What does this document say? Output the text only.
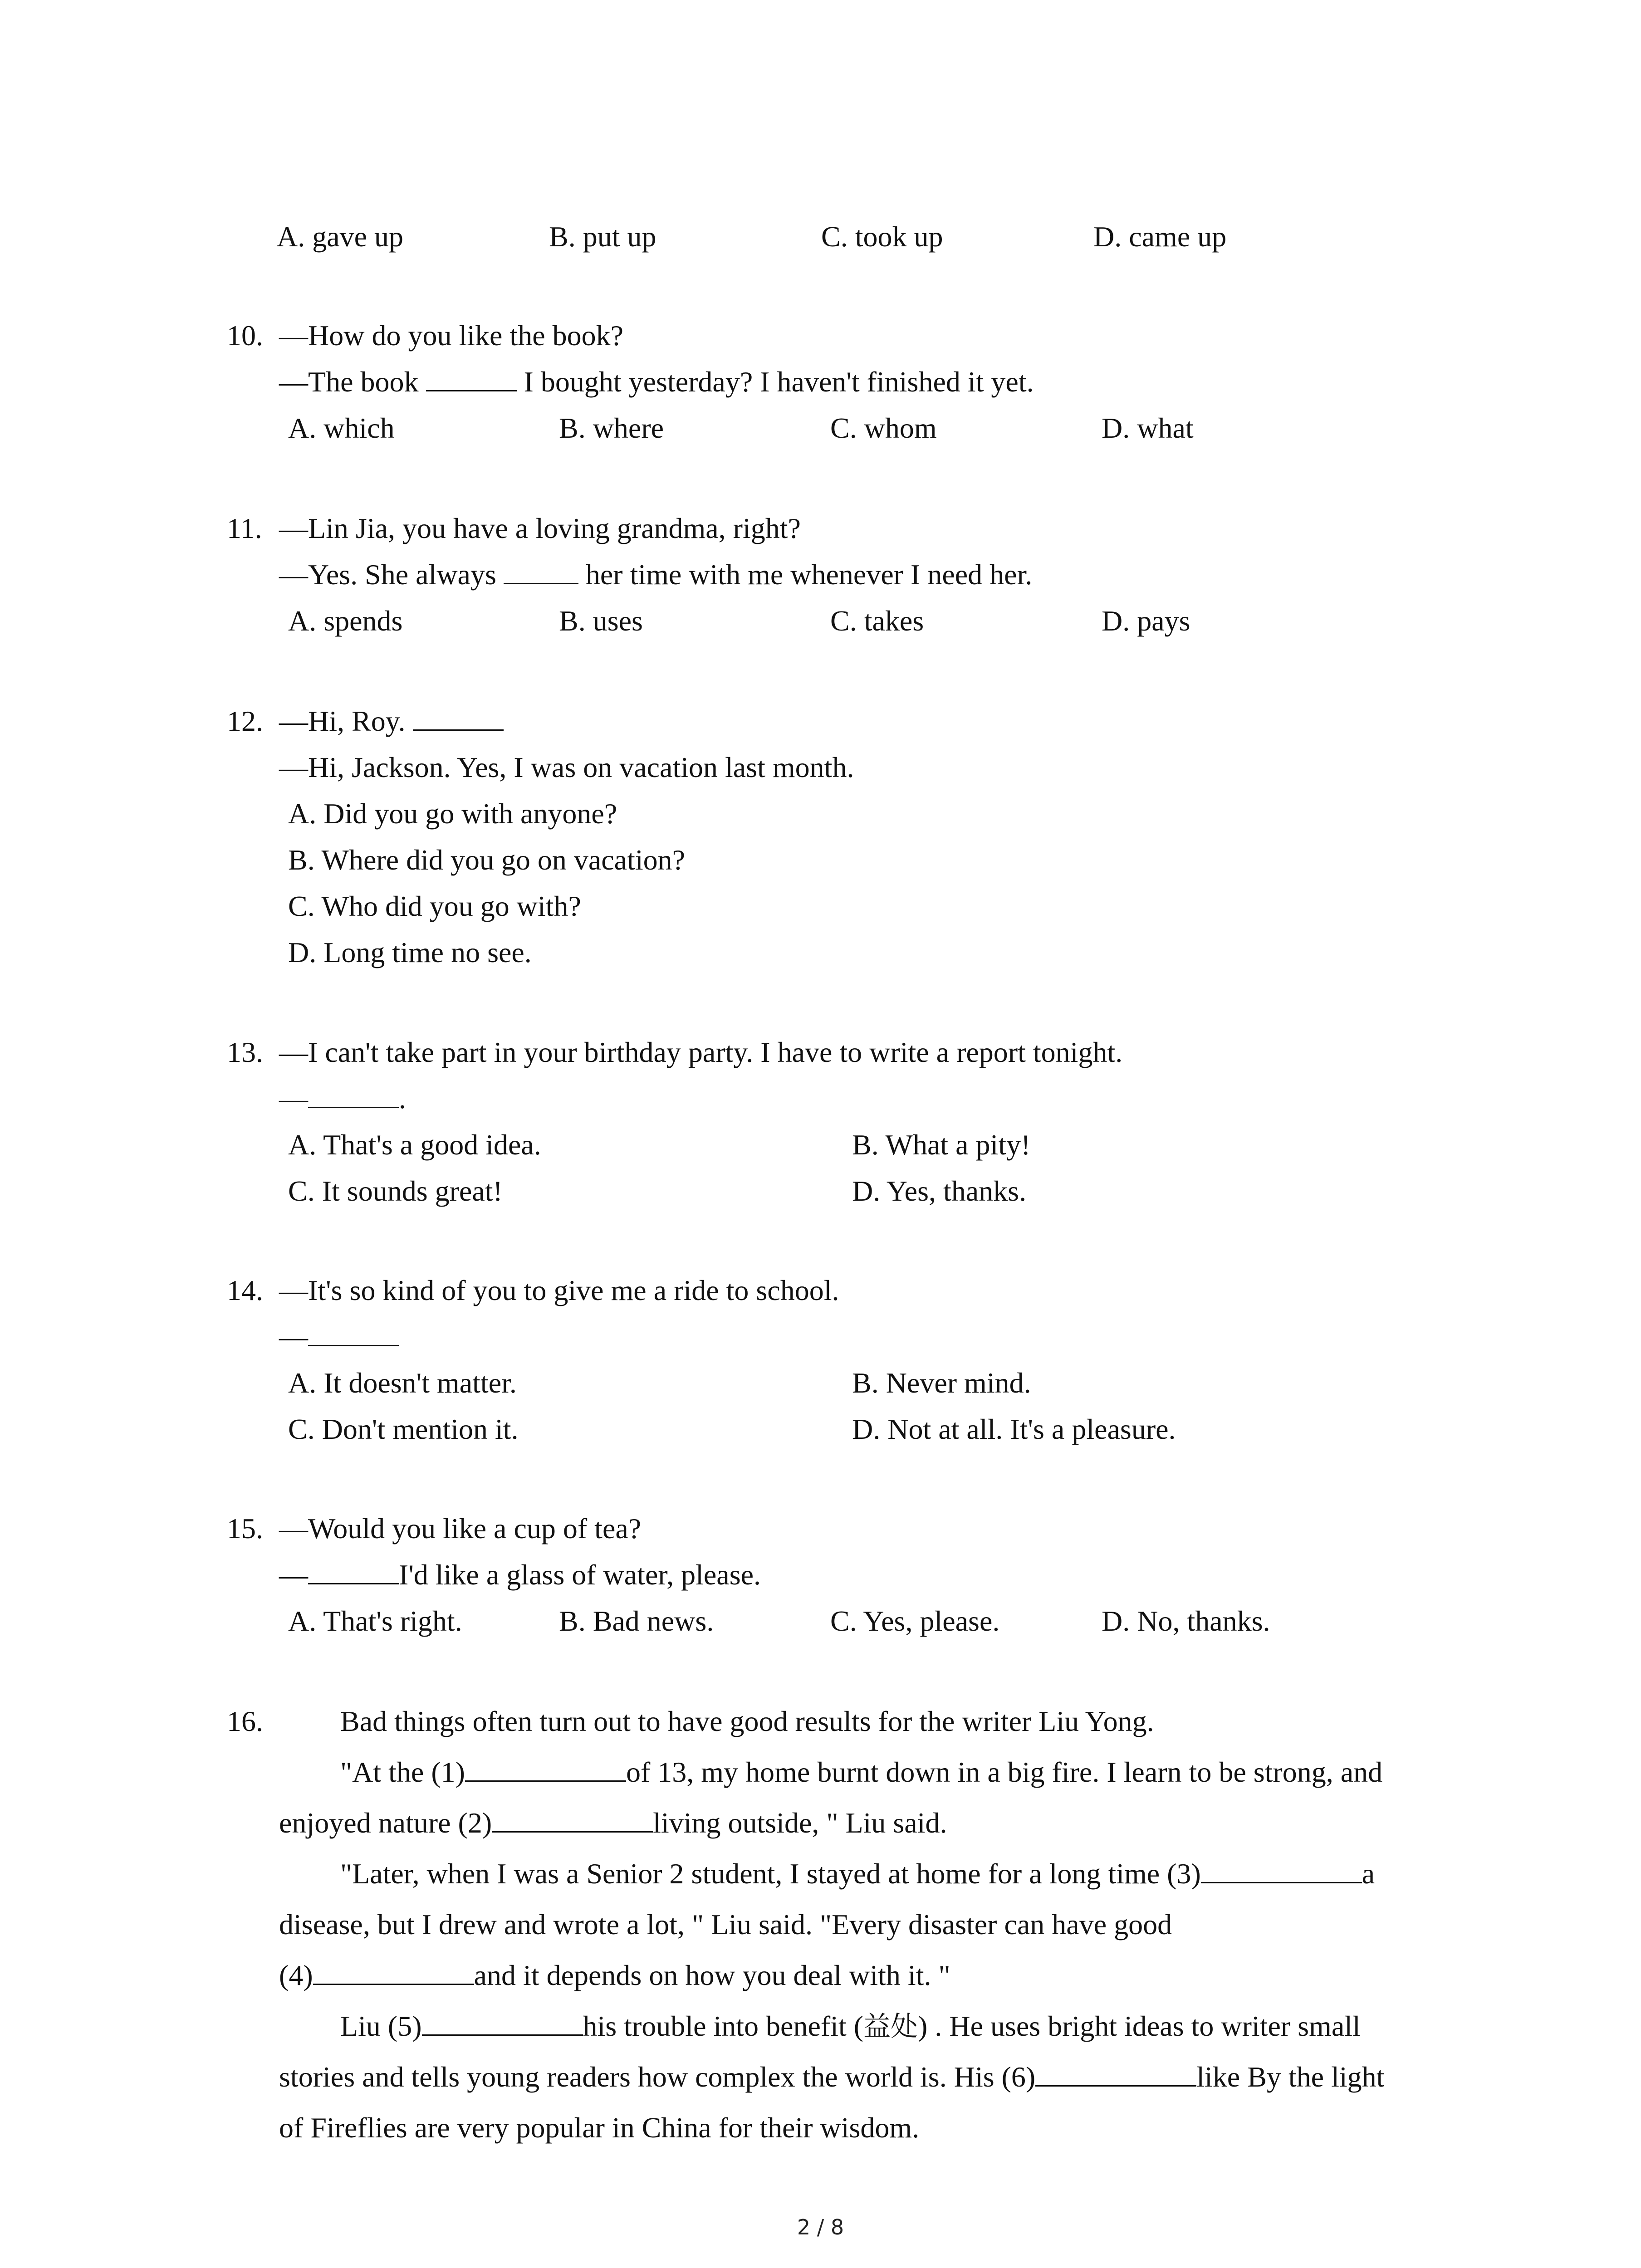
A. gave up	B. put up	C. took up	D. came up
10. —How do you like the book?
—The book	I bought yesterday? I haven't finished it yet.
A. which	B. where	C. whom	D. what
11. —Lin Jia, you have a loving grandma, right?
—Yes. She always	her time with me whenever I need her.
A. spends	B. uses	C. takes	D. pays
12. —Hi, Roy.
—Hi, Jackson. Yes, I was on vacation last month.
A. Did you go with anyone?
B. Where did you go on vacation?
C. Who did you go with?
D. Long time no see.
13. —I can't take part in your birthday party. I have to write a report tonight.
—	.
A. That's a good idea.	B. What a pity!
C. It sounds great!	D. Yes, thanks.
14. —It's so kind of you to give me a ride to school.
—
A. It doesn't matter.	B. Never mind.
C. Don't mention it.	D. Not at all. It's a pleasure.
15. —Would you like a cup of tea?
—	I'd like a glass of water, please.
A. That's right.	B. Bad news.	C. Yes, please.	D. No, thanks.
16.	Bad things often turn out to have good results for the writer Liu Yong.
"At the (1)	of 13, my home burnt down in a big fire. I learn to be strong, and
enjoyed nature (2)	living outside, " Liu said.
"Later, when I was a Senior 2 student, I stayed at home for a long time (3)	a
disease, but I drew and wrote a lot, " Liu said. "Every disaster can have good
(4)	and it depends on how you deal with it. "
Liu (5)	his trouble into benefit (益处) . He uses bright ideas to writer small
stories and tells young readers how complex the world is. His (6)	like By the light
of Fireflies are very popular in China for their wisdom.
2 / 8
